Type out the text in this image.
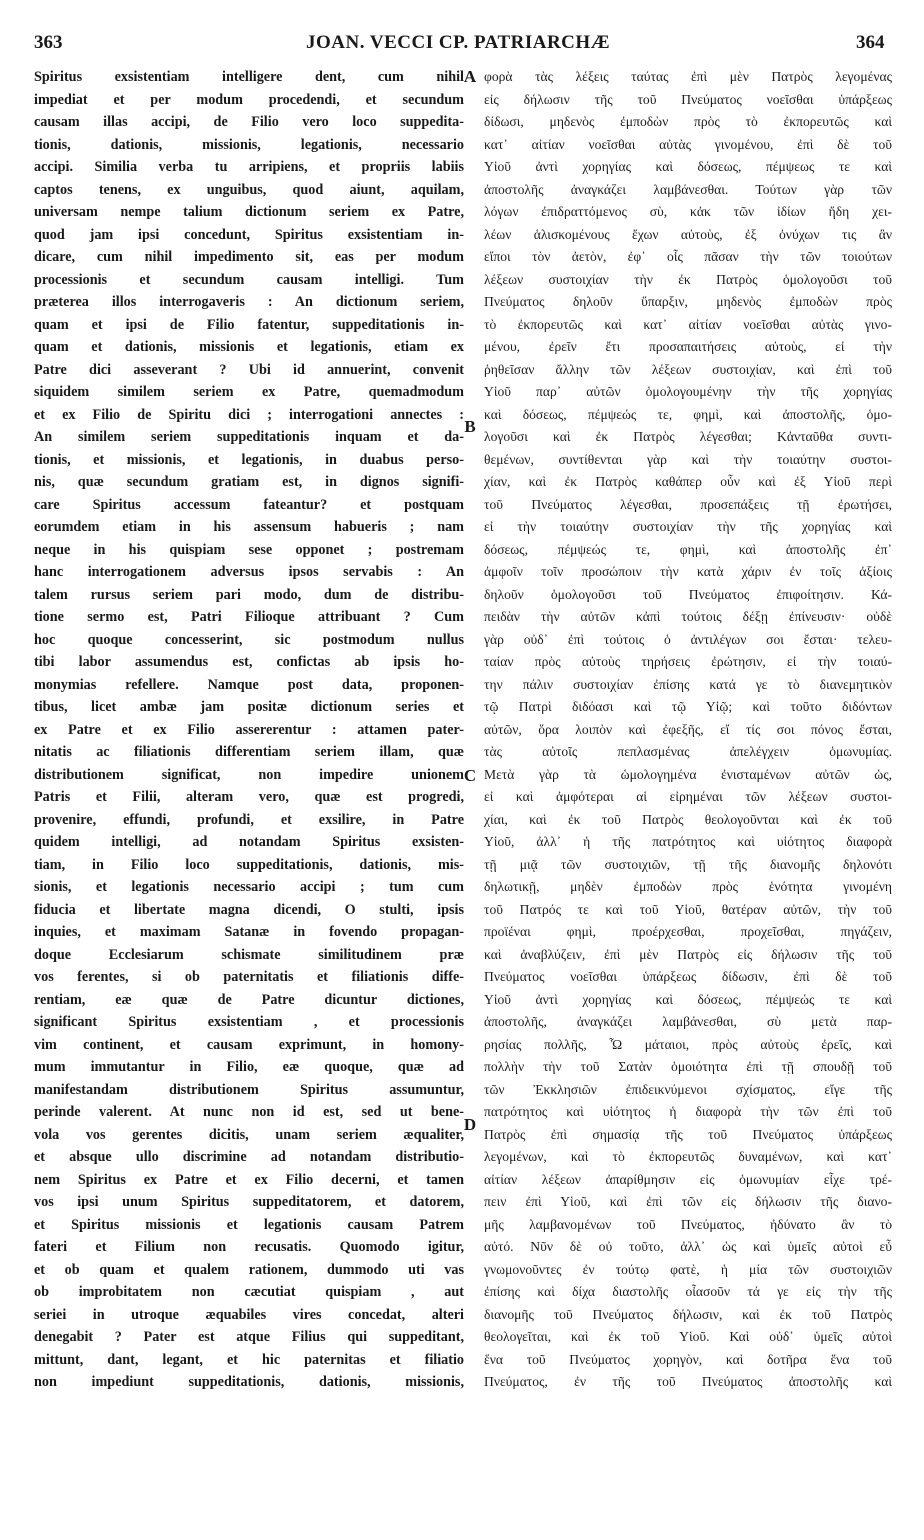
363	JOAN. VECCI CP. PATRIARCHÆ	364
Spiritus exsistentiam intelligere dent, cum nihil
impediat et per modum procedendi, et secundum
causam illas accipi, de Filio vero loco suppedita-
tionis, dationis, missionis, legationis, necessario
accipi. Similia verba tu arripiens, et propriis labiis
captos tenens, ex unguibus, quod aiunt, aquilam,
universam nempe talium dictionum seriem ex Patre,
quod jam ipsi concedunt, Spiritus exsistentiam in-
dicare, cum nihil impedimento sit, eas per modum
processionis et secundum causam intelligi. Tum
præterea illos interrogaveris : An dictionum seriem,
quam et ipsi de Filio fatentur, suppeditationis in-
quam et dationis, missionis et legationis, etiam ex
Patre dici asseverant ? Ubi id annuerint, convenit
siquidem similem seriem ex Patre, quemadmodum
et ex Filio de Spiritu dici ; interrogationi annectes :
An similem seriem suppeditationis inquam et da-
tionis, et missionis, et legationis, in duabus perso-
nis, quæ secundum gratiam est, in dignos signifi-
care Spiritus accessum fateantur? et postquam
eorumdem etiam in his assensum habueris ; nam
neque in his quispiam sese opponet ; postremam
hanc interrogationem adversus ipsos servabis : An
talem rursus seriem pari modo, dum de distribu-
tione sermo est, Patri Filioque attribuant ? Cum
hoc quoque concesserint, sic postmodum nullus
tibi labor assumendus est, confictas ab ipsis ho-
monymias refellere. Namque post data, proponen-
tibus, licet ambæ jam positæ dictionum series et
ex Patre et ex Filio assererentur : attamen pater-
nitatis ac filiationis differentiam seriem illam, quæ
distributionem significat, non impedire unionem
Patris et Filii, alteram vero, quæ est progredi,
provenire, effundi, profundi, et exsilire, in Patre
quidem intelligi, ad notandam Spiritus exsisten-
tiam, in Filio loco suppeditationis, dationis, mis-
sionis, et legationis necessario accipi ; tum cum
fiducia et libertate magna dicendi, O stulti, ipsis
inquies, et maximam Satanæ in fovendo propagan-
doque Ecclesiarum schismate similitudinem præ
vos ferentes, si ob paternitatis et filiationis diffe-
rentiam, eæ quæ de Patre dicuntur dictiones,
significant Spiritus exsistentiam , et processionis
vim continent, et causam exprimunt, in homony-
mum immutantur in Filio, eæ quoque, quæ ad
manifestandam distributionem Spiritus assumuntur,
perinde valerent. At nunc non id est, sed ut bene-
vola vos gerentes dicitis, unam seriem æqualiter,
et absque ullo discrimine ad notandam distributio-
nem Spiritus ex Patre et ex Filio decerni, et tamen
vos ipsi unum Spiritus suppeditatorem, et datorem,
et Spiritus missionis et legationis causam Patrem
fateri et Filium non recusatis. Quomodo igitur,
et ob quam et qualem rationem, dummodo uti vas
ob improbitatem non cæcutiat quispiam , aut
seriei in utroque æquabiles vires concedat, alteri
denegabit ? Pater est atque Filius qui suppeditant,
mittunt, dant, legant, et hic paternitas et filiatio
non impediunt suppeditationis, dationis, missionis,
φορὰ τὰς λέξεις ταύτας ἐπὶ μὲν Πατρὸς λεγομένας
εἰς δήλωσιν τῆς τοῦ Πνεύματος νοεῖσθαι ὑπάρξεως
δίδωσι, μηδενὸς ἐμποδὼν πρὸς τὸ ἐκπορευτῶς καὶ
κατ᾽ αἰτίαν νοεῖσθαι αὐτὰς γινομένου, ἐπὶ δὲ τοῦ
Υἱοῦ ἀντὶ χορηγίας καὶ δόσεως, πέμψεως τε καὶ
ἀποστολῆς ἀναγκάζει λαμβάνεσθαι. Τούτων γὰρ τῶν
λόγων ἐπιδραττόμενος σὺ, κἀκ τῶν ἰδίων ἤδη χει-
λέων ἁλισκομένους ἔχων αὐτοὺς, ἐξ ὀνύχων τις ἂν
εἴποι τὸν ἀετὸν, ἐφ᾽ οἷς πᾶσαν τὴν τῶν τοιούτων
λέξεων συστοιχίαν τὴν ἐκ Πατρὸς ὁμολογοῦσι τοῦ
Πνεύματος δηλοῦν ὕπαρξιν, μηδενὸς ἐμποδὼν πρὸς
τὸ ἐκπορευτῶς καὶ κατ᾽ αἰτίαν νοεῖσθαι αὐτὰς γινο-
μένου, ἐρεῖν ἔτι προσαπαιτήσεις αὐτοὺς, εἰ τὴν
ῥηθεῖσαν ἄλλην τῶν λέξεων συστοιχίαν, καὶ ἐπὶ τοῦ
Υἱοῦ παρ᾽ αὐτῶν ὁμολογουμένην τὴν τῆς χορηγίας
καὶ δόσεως, πέμψεώς τε, φημὶ, καὶ ἀποστολῆς, ὁμο-
λογοῦσι καὶ ἐκ Πατρὸς λέγεσθαι; Κἀνταῦθα συντι-
θεμένων, συντίθενται γὰρ καὶ τὴν τοιαύτην συστοι-
χίαν, καὶ ἐκ Πατρὸς καθάπερ οὖν καὶ ἐξ Υἱοῦ περὶ
τοῦ Πνεύματος λέγεσθαι, προσεπάξεις τῇ ἐρωτήσει,
εἰ τὴν τοιαύτην συστοιχίαν τὴν τῆς χορηγίας καὶ
δόσεως, πέμψεώς τε, φημὶ, καὶ ἀποστολῆς ἐπ᾽
ἀμφοῖν τοῖν προσώποιν τὴν κατὰ χάριν ἐν τοῖς ἀξίοις
δηλοῦν ὁμολογοῦσι τοῦ Πνεύματος ἐπιφοίτησιν. Κά-
πειδὰν τὴν αὐτῶν κἀπὶ τούτοις δέξῃ ἐπίνευσιν· οὐδὲ
γὰρ οὐδ᾽ ἐπὶ τούτοις ὁ ἀντιλέγων σοι ἔσται· τελευ-
ταίαν πρὸς αὐτοὺς τηρήσεις ἐρώτησιν, εἰ τὴν τοιαύ-
την πάλιν συστοιχίαν ἐπίσης κατά γε τὸ διανεμητικὸν
τῷ Πατρὶ διδόασι καὶ τῷ Υἱῷ; καὶ τοῦτο διδόντων
αὐτῶν, ὅρα λοιπὸν καὶ ἐφεξῆς, εἴ τίς σοι πόνος ἔσται,
τὰς αὐτοῖς πεπλασμένας ἀπελέγχειν ὁμωνυμίας.
Μετὰ γὰρ τὰ ὡμολογημένα ἐνισταμένων αὐτῶν ὡς,
εἰ καὶ ἀμφότεραι αἱ εἰρημέναι τῶν λέξεων συστοι-
χίαι, καὶ ἐκ τοῦ Πατρὸς θεολογοῦνται καὶ ἐκ τοῦ
Υἱοῦ, ἀλλ᾽ ἡ τῆς πατρότητος καὶ υἱότητος διαφορὰ
τῇ μιᾷ τῶν συστοιχιῶν, τῇ τῆς διανομῆς δηλονότι
δηλωτικῇ, μηδὲν ἐμποδὼν πρὸς ἑνότητα γινομένη
τοῦ Πατρός τε καὶ τοῦ Υἱοῦ, θατέραν αὐτῶν, τὴν τοῦ
προϊέναι φημὶ, προέρχεσθαι, προχεῖσθαι, πηγάζειν,
καὶ ἀναβλύζειν, ἐπὶ μὲν Πατρὸς εἰς δήλωσιν τῆς τοῦ
Πνεύματος νοεῖσθαι ὑπάρξεως δίδωσιν, ἐπὶ δὲ τοῦ
Υἱοῦ ἀντὶ χορηγίας καὶ δόσεως, πέμψεώς τε καὶ
ἀποστολῆς, ἀναγκάζει λαμβάνεσθαι, σὺ μετὰ παρ-
ρησίας πολλῆς, Ὦ μάταιοι, πρὸς αὐτοὺς ἐρεῖς, καὶ
πολλὴν τὴν τοῦ Σατὰν ὁμοιότητα ἐπὶ τῇ σπουδῇ τοῦ
τῶν Ἐκκλησιῶν ἐπιδεικνύμενοι σχίσματος, εἴγε τῆς
πατρότητος καὶ υἱότητος ἡ διαφορὰ τὴν τῶν ἐπὶ τοῦ
Πατρὸς ἐπὶ σημασίᾳ τῆς τοῦ Πνεύματος ὑπάρξεως
λεγομένων, καὶ τὸ ἐκπορευτῶς δυναμένων, καὶ κατ᾽
αἰτίαν λέξεων ἀπαρίθμησιν εἰς ὁμωνυμίαν εἶχε τρέ-
πειν ἐπὶ Υἱοῦ, καὶ ἐπὶ τῶν εἰς δήλωσιν τῆς διανο-
μῆς λαμβανομένων τοῦ Πνεύματος, ἠδύνατο ἂν τὸ
αὐτό. Νῦν δὲ οὐ τοῦτο, ἀλλ᾽ ὡς καὶ ὑμεῖς αὐτοὶ εὖ
γνωμονοῦντες ἐν τούτῳ φατὲ, ἡ μία τῶν συστοιχιῶν
ἐπίσης καὶ δίχα διαστολῆς οἶασοῦν τά γε εἰς τὴν τῆς
διανομῆς τοῦ Πνεύματος δήλωσιν, καὶ ἐκ τοῦ Πατρὸς
θεολογεῖται, καὶ ἐκ τοῦ Υἱοῦ. Καὶ οὐδ᾽ ὑμεῖς αὐτοὶ
ἕνα τοῦ Πνεύματος χορηγὸν, καὶ δοτῆρα ἕνα τοῦ
Πνεύματος, ἐν τῆς τοῦ Πνεύματος ἀποστολῆς καὶ
A
B
C
D
